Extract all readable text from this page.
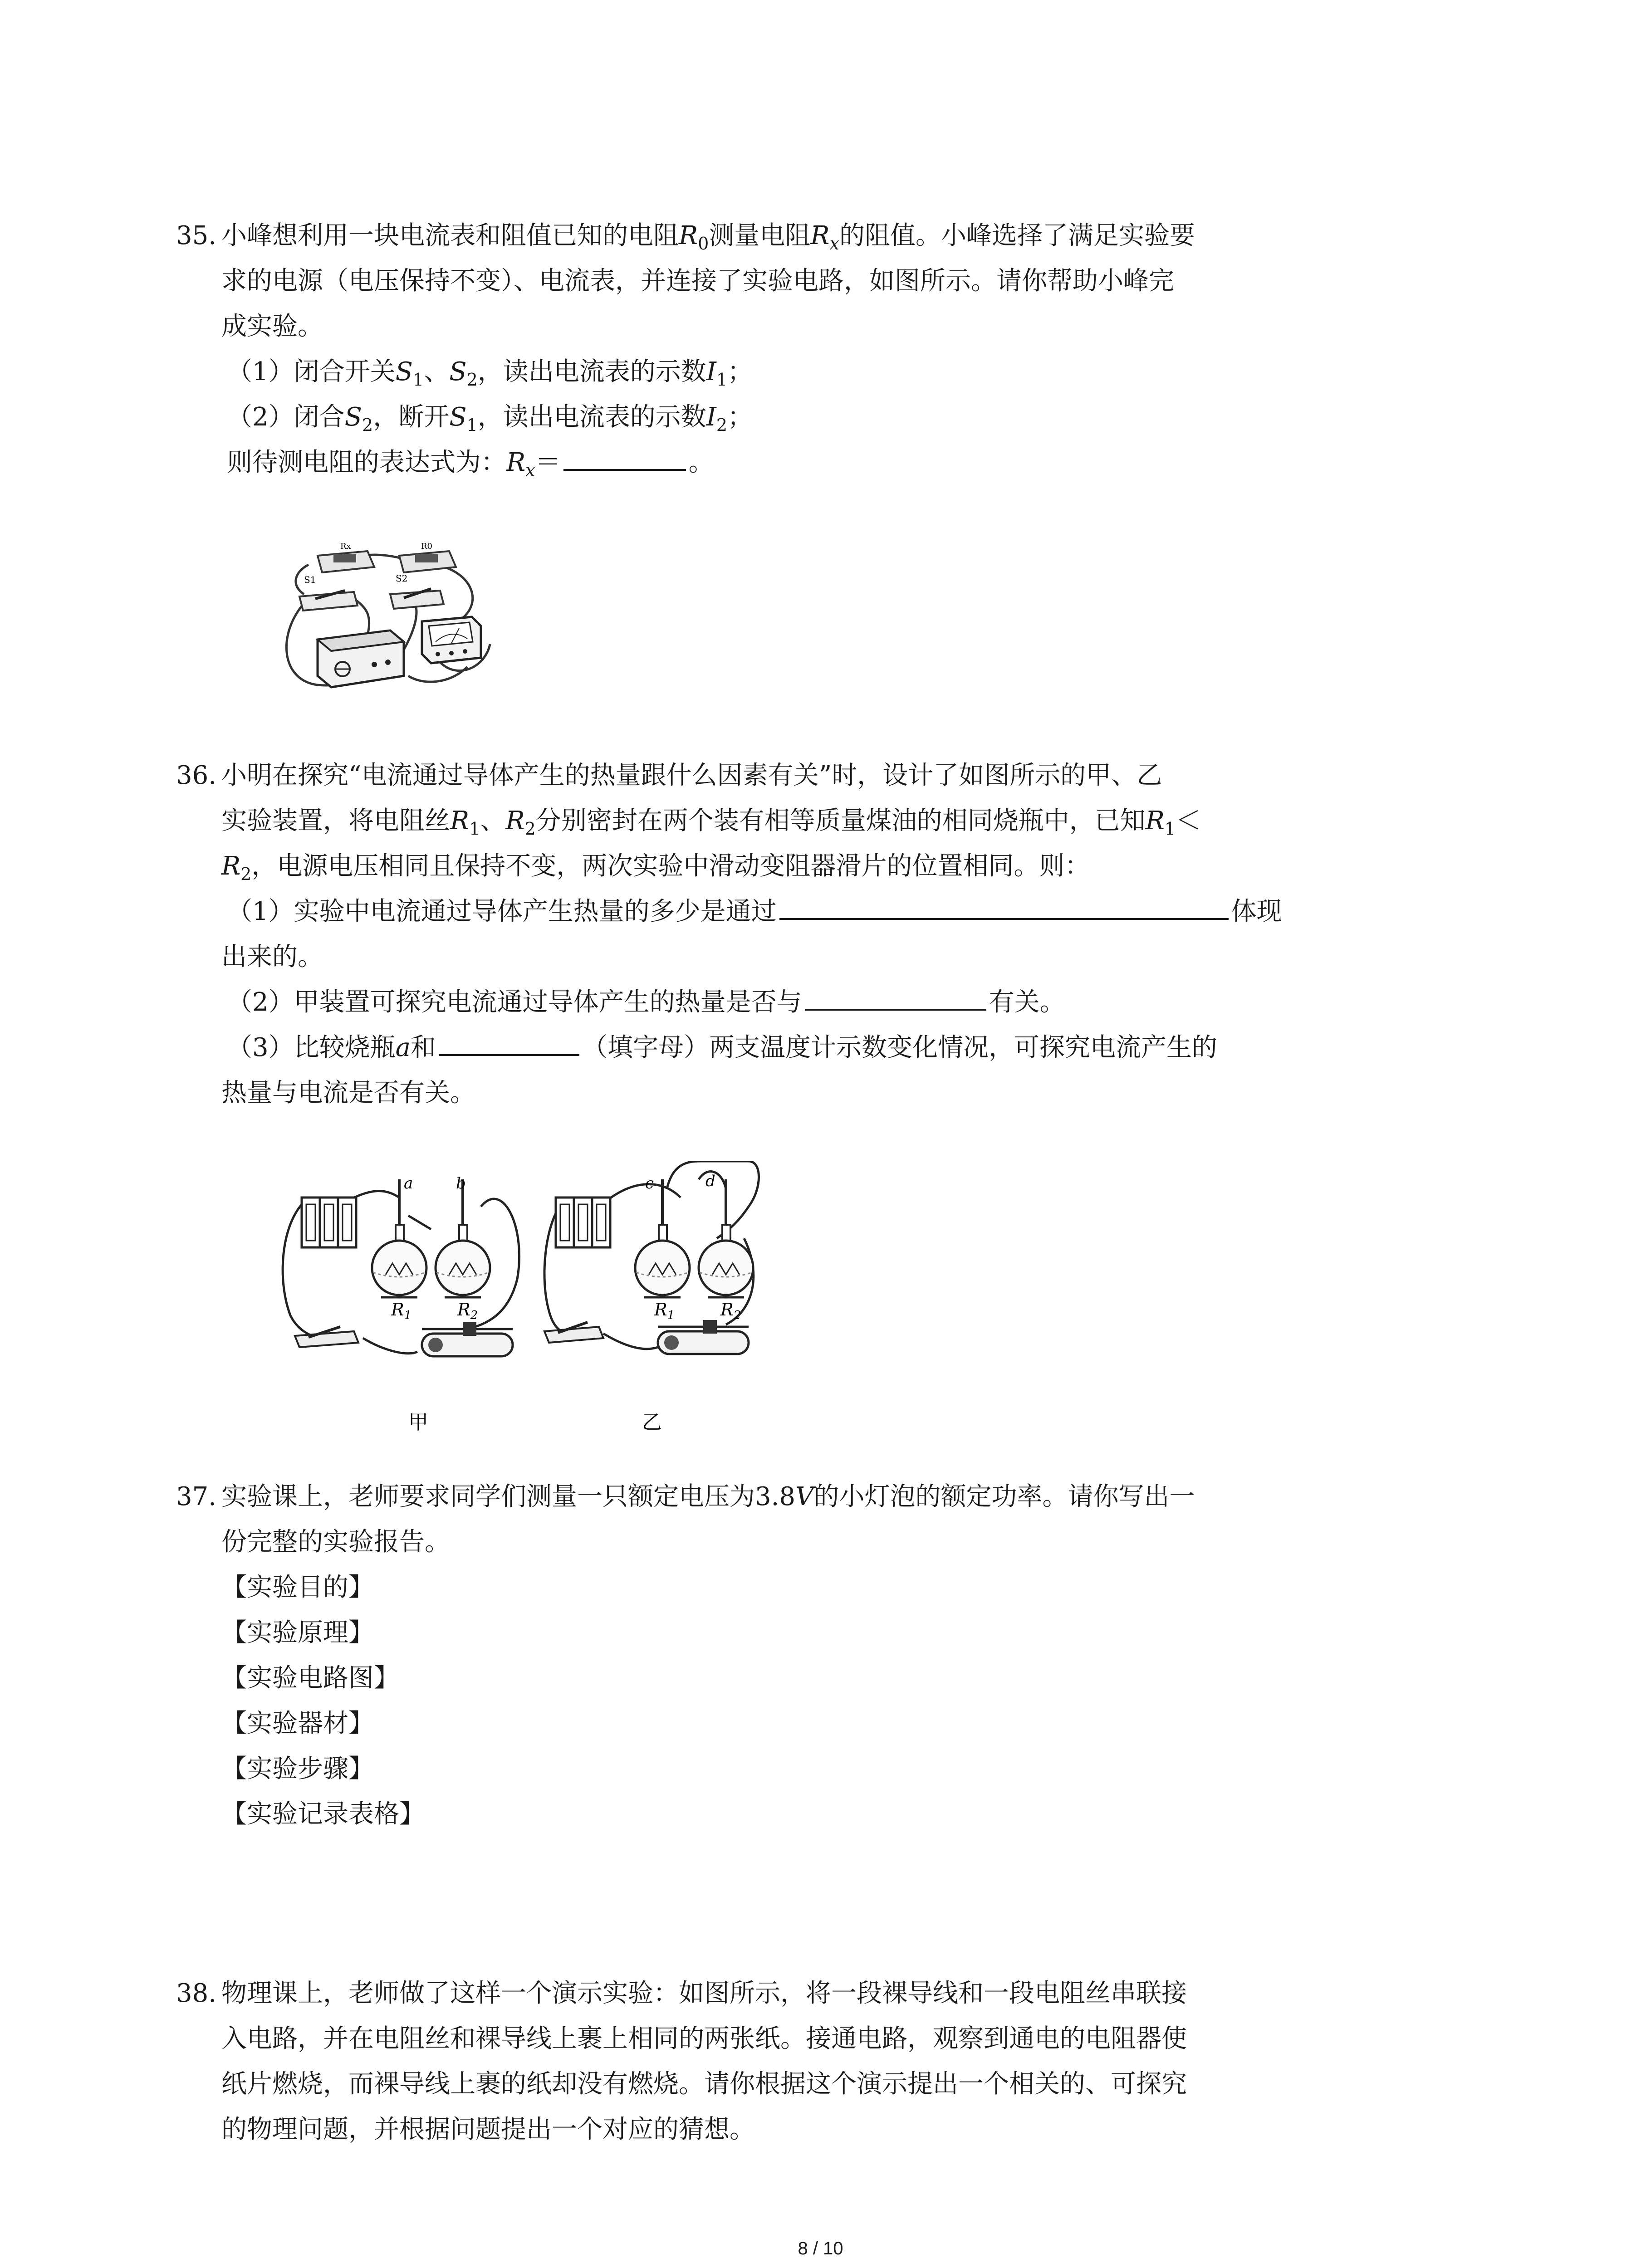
35. 小峰想利用一块电流表和阻值已知的电阻$R_0$测量电阻$R_x$的阻值。小峰选择了满足实验要
求的电源（电压保持不变）、电流表，并连接了实验电路，如图所示。请你帮助小峰完
成实验。
（1）闭合开关$S_1$、$S_2$，读出电流表的示数$I_1$；
（2）闭合$S_2$，断开$S_1$，读出电流表的示数$I_2$；
则待测电阻的表达式为：$R_x=$	。
Rx	R0
S1	S2
36. 小明在探究“电流通过导体产生的热量跟什么因素有关”时，设计了如图所示的甲、乙
实验装置，将电阻丝$R_1$、$R_2$分别密封在两个装有相等质量煤油的相同烧瓶中，已知$R_1<$
$R_2$，电源电压相同且保持不变，两次实验中滑动变阻器滑片的位置相同。则：
（1）实验中电流通过导体产生热量的多少是通过	体现
出来的。
（2）甲装置可探究电流通过导体产生的热量是否与	有关。
（3）比较烧瓶a和	（填字母）两支温度计示数变化情况，可探究电流产生的
热量与电流是否有关。
a	b
$R_1$	$R_2$
c	d
$R_1$	$R_2$
甲	乙
37. 实验课上，老师要求同学们测量一只额定电压为3.8V的小灯泡的额定功率。请你写出一
份完整的实验报告。
【实验目的】
【实验原理】
【实验电路图】
【实验器材】
【实验步骤】
【实验记录表格】
38. 物理课上，老师做了这样一个演示实验：如图所示，将一段裸导线和一段电阻丝串联接
入电路，并在电阻丝和裸导线上裹上相同的两张纸。接通电路，观察到通电的电阻器使
纸片燃烧，而裸导线上裹的纸却没有燃烧。请你根据这个演示提出一个相关的、可探究
的物理问题，并根据问题提出一个对应的猜想。
8 / 10
